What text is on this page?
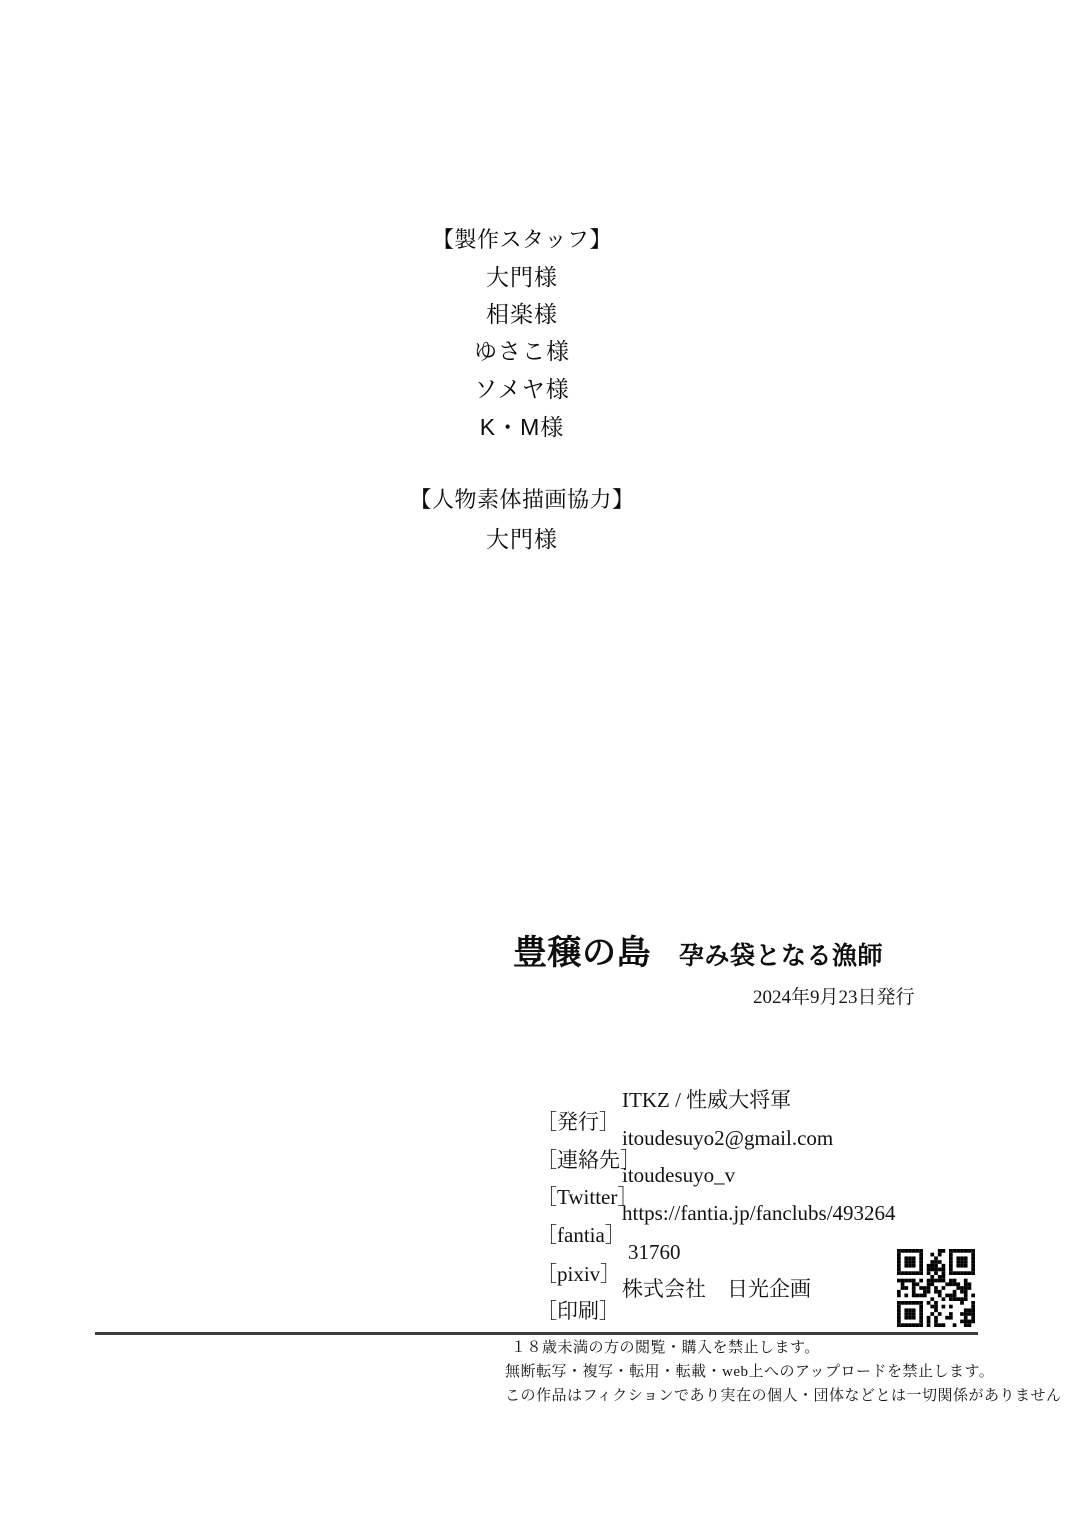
【製作スタッフ】
大門様
相楽様
ゆさこ様
ソメヤ様
K・M様
【人物素体描画協力】
大門様
豊穣の島 孕み袋となる漁師
2024年9月23日発行

［発行］

ITKZ / 性威大将軍

［連絡先］

itoudesuyo2@gmail.com

［Twitter］

itoudesuyo_v

［fantia］

https://fantia.jp/fanclubs/493264

［pixiv］

31760

［印刷］

株式会社　日光企画

１８歳未満の方の閲覧・購入を禁止します。
無断転写・複写・転用・転載・web上へのアップロードを禁止します。
この作品はフィクションであり実在の個人・団体などとは一切関係がありません
